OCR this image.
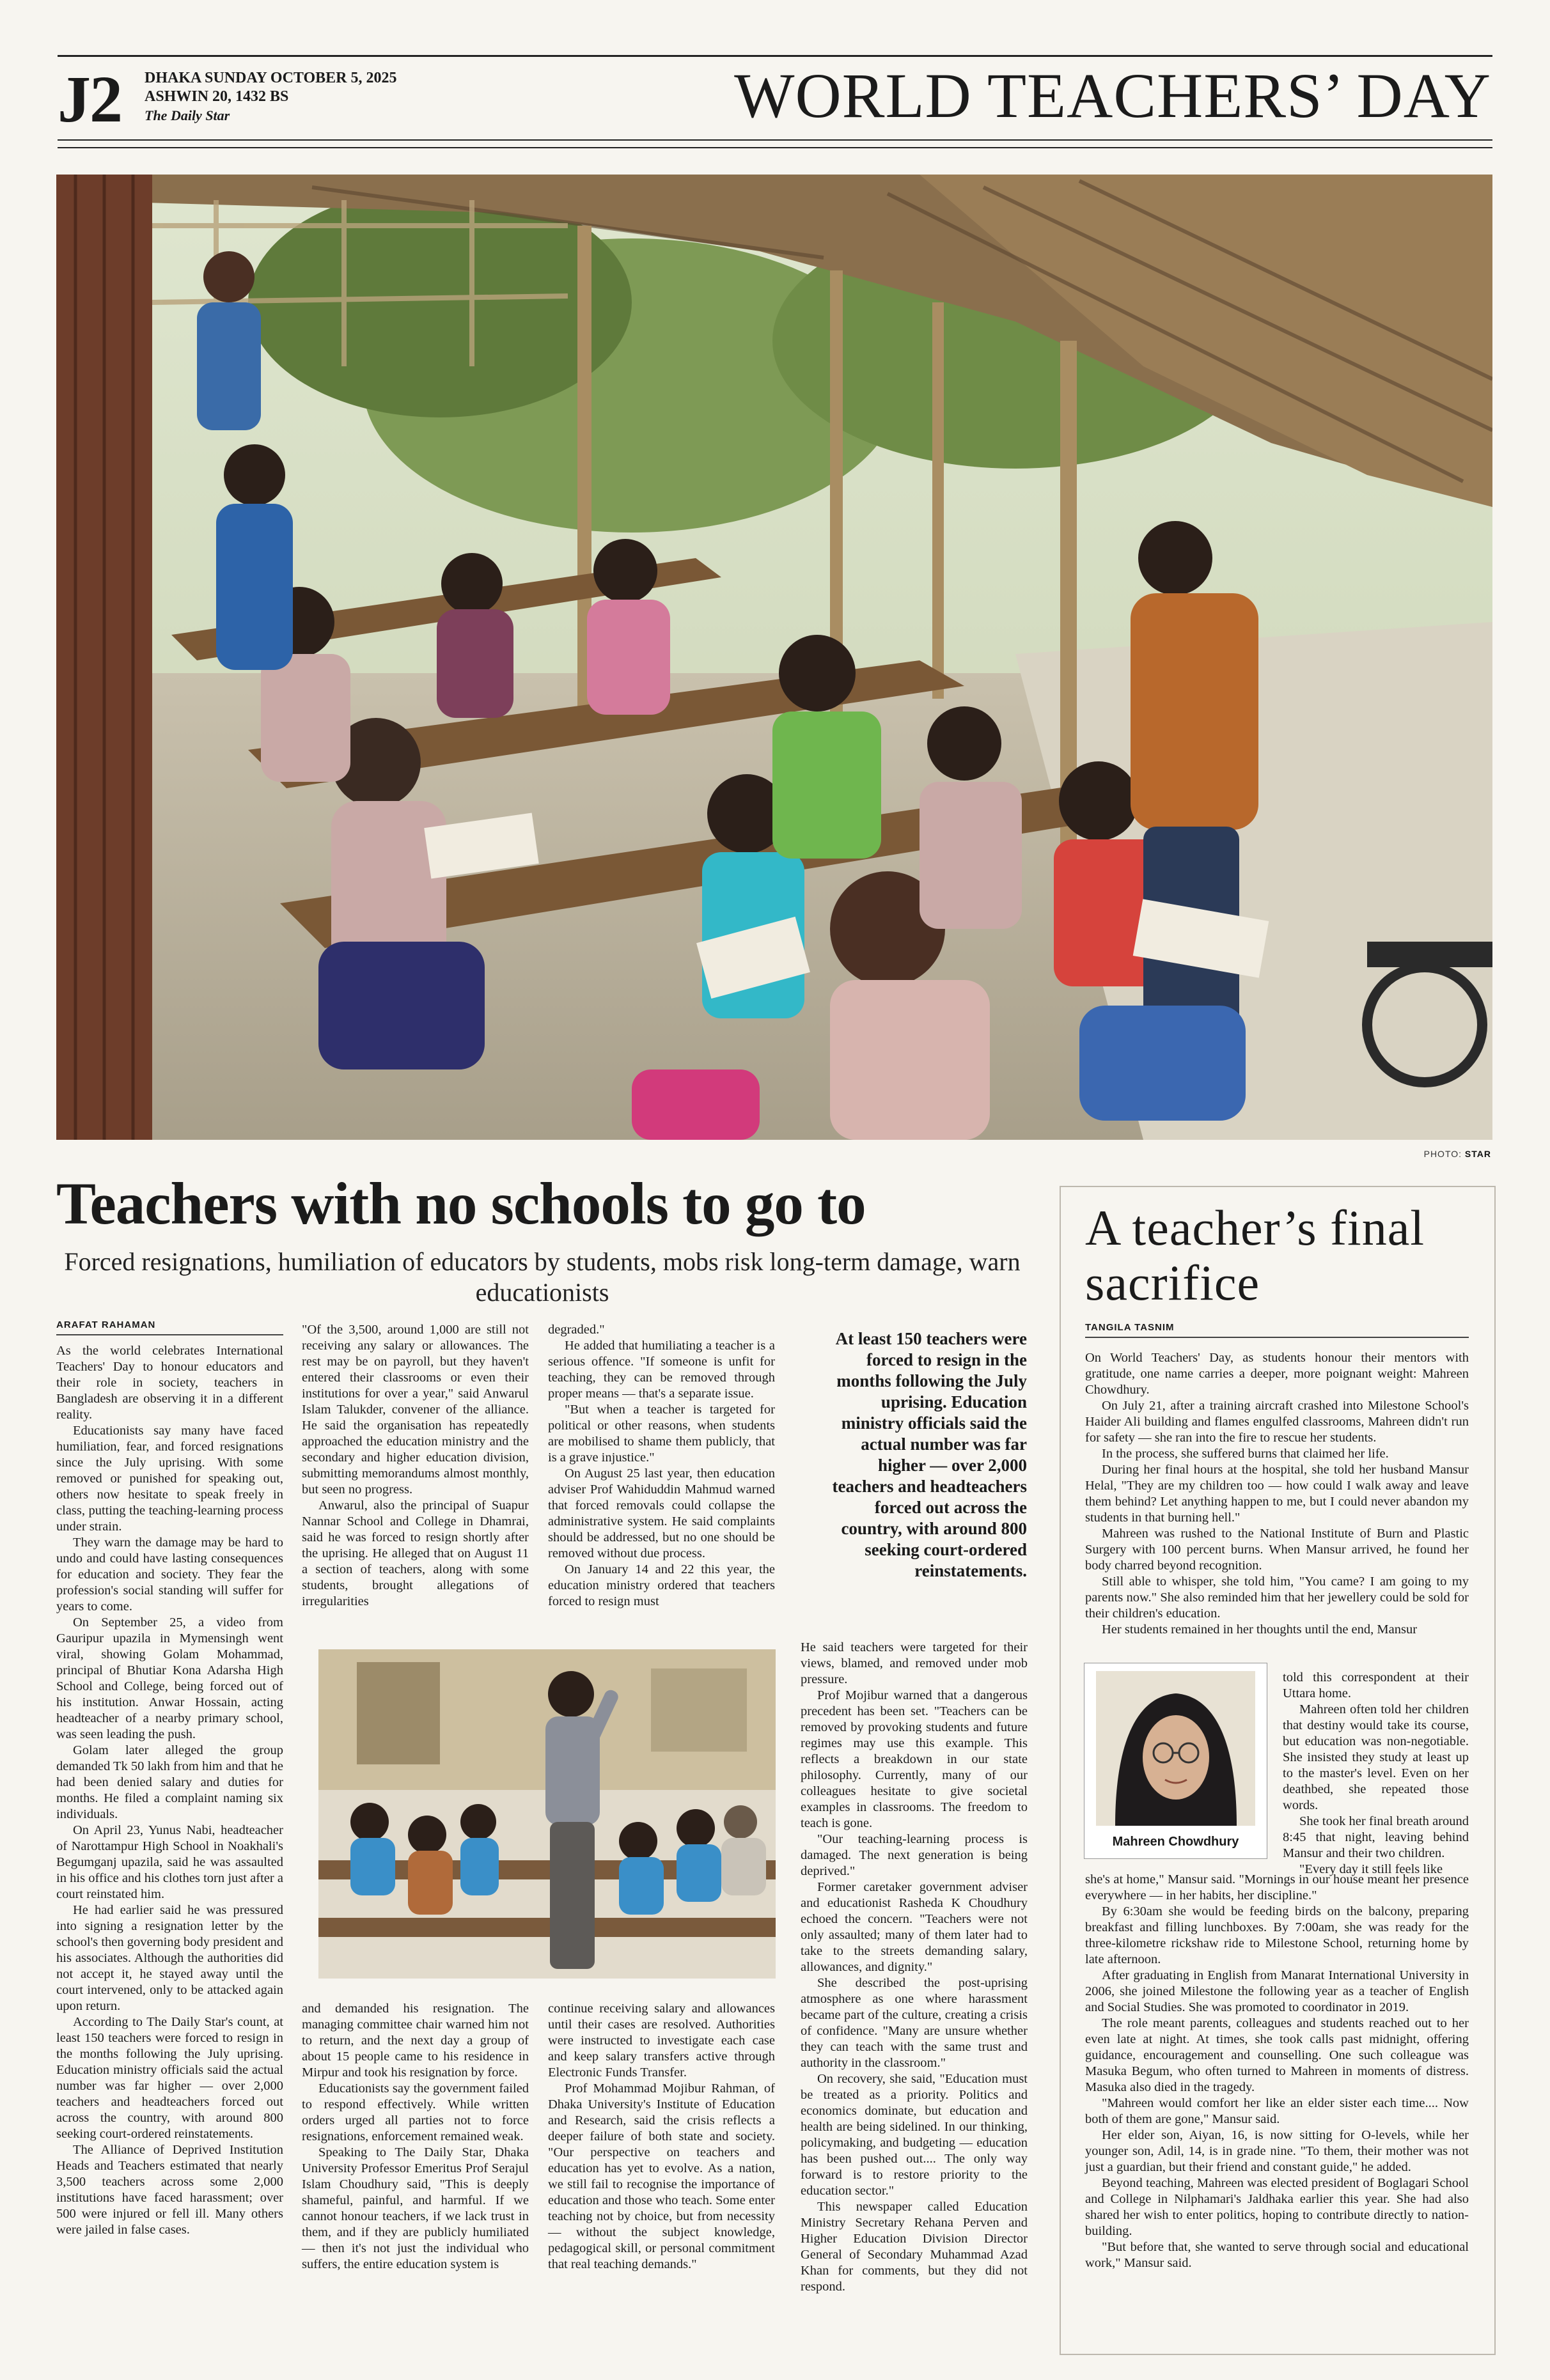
J2 DHAKA SUNDAY OCTOBER 5, 2025
ASHWIN 20, 1432 BS
The Daily Star	WORLD TEACHERS’ DAY
PHOTO: STAR
Teachers with no schools to go to
Forced resignations, humiliation of educators by students, mobs risk long-term damage, warn educationists
ARAFAT RAHAMAN

As the world celebrates International Teachers' Day to honour educators and their role in society, teachers in Bangladesh are observing it in a different reality.

Educationists say many have faced humiliation, fear, and forced resignations since the July uprising. With some removed or punished for speaking out, others now hesitate to speak freely in class, putting the teaching-learning process under strain.

They warn the damage may be hard to undo and could have lasting consequences for education and society. They fear the profession's social standing will suffer for years to come.

On September 25, a video from Gauripur upazila in Mymensingh went viral, showing Golam Mohammad, principal of Bhutiar Kona Adarsha High School and College, being forced out of his institution. Anwar Hossain, acting headteacher of a nearby primary school, was seen leading the push.

Golam later alleged the group demanded Tk 50 lakh from him and that he had been denied salary and duties for months. He filed a complaint naming six individuals.

On April 23, Yunus Nabi, headteacher of Narottampur High School in Noakhali's Begumganj upazila, said he was assaulted in his office and his clothes torn just after a court reinstated him.

He had earlier said he was pressured into signing a resignation letter by the school's then governing body president and his associates. Although the authorities did not accept it, he stayed away until the court intervened, only to be attacked again upon return.

According to The Daily Star's count, at least 150 teachers were forced to resign in the months following the July uprising. Education ministry officials said the actual number was far higher — over 2,000 teachers and headteachers forced out across the country, with around 800 seeking court-ordered reinstatements.

The Alliance of Deprived Institution Heads and Teachers estimated that nearly 3,500 teachers across some 2,000 institutions have faced harassment; over 500 were injured or fell ill. Many others were jailed in false cases.

"Of the 3,500, around 1,000 are still not receiving any salary or allowances. The rest may be on payroll, but they haven't entered their classrooms or even their institutions for over a year," said Anwarul Islam Talukder, convener of the alliance. He said the organisation has repeatedly approached the education ministry and the secondary and higher education division, submitting memorandums almost monthly, but seen no progress.

Anwarul, also the principal of Suapur Nannar School and College in Dhamrai, said he was forced to resign shortly after the uprising. He alleged that on August 11 a section of teachers, along with some students, brought allegations of irregularities

degraded."

He added that humiliating a teacher is a serious offence. "If someone is unfit for teaching, they can be removed through proper means — that's a separate issue.

"But when a teacher is targeted for political or other reasons, when students are mobilised to shame them publicly, that is a grave injustice."

On August 25 last year, then education adviser Prof Wahiduddin Mahmud warned that forced removals could collapse the administrative system. He said complaints should be addressed, but no one should be removed without due process.

On January 14 and 22 this year, the education ministry ordered that teachers forced to resign must

At least 150 teachers were forced to resign in the months following the July uprising. Education ministry officials said the actual number was far higher — over 2,000 teachers and headteachers forced out across the country, with around 800 seeking court-ordered reinstatements.

and demanded his resignation. The managing committee chair warned him not to return, and the next day a group of about 15 people came to his residence in Mirpur and took his resignation by force.

Educationists say the government failed to respond effectively. While written orders urged all parties not to force resignations, enforcement remained weak.

Speaking to The Daily Star, Dhaka University Professor Emeritus Prof Serajul Islam Choudhury said, "This is deeply shameful, painful, and harmful. If we cannot honour teachers, if we lack trust in them, and if they are publicly humiliated — then it's not just the individual who suffers, the entire education system is

continue receiving salary and allowances until their cases are resolved. Authorities were instructed to investigate each case and keep salary transfers active through Electronic Funds Transfer.

Prof Mohammad Mojibur Rahman, of Dhaka University's Institute of Education and Research, said the crisis reflects a deeper failure of both state and society. "Our perspective on teachers and education has yet to evolve. As a nation, we still fail to recognise the importance of education and those who teach. Some enter teaching not by choice, but from necessity — without the subject knowledge, pedagogical skill, or personal commitment that real teaching demands."

He said teachers were targeted for their views, blamed, and removed under mob pressure.

Prof Mojibur warned that a dangerous precedent has been set. "Teachers can be removed by provoking students and future regimes may use this example. This reflects a breakdown in our state philosophy. Currently, many of our colleagues hesitate to give societal examples in classrooms. The freedom to teach is gone.

"Our teaching-learning process is damaged. The next generation is being deprived."

Former caretaker government adviser and educationist Rasheda K Choudhury echoed the concern. "Teachers were not only assaulted; many of them later had to take to the streets demanding salary, allowances, and dignity."

She described the post-uprising atmosphere as one where harassment became part of the culture, creating a crisis of confidence. "Many are unsure whether they can teach with the same trust and authority in the classroom."

On recovery, she said, "Education must be treated as a priority. Politics and economics dominate, but education and health are being sidelined. In our thinking, policymaking, and budgeting — education has been pushed out.... The only way forward is to restore priority to the education sector."

This newspaper called Education Ministry Secretary Rehana Perven and Higher Education Division Director General of Secondary Muhammad Azad Khan for comments, but they did not respond.

A teacher’s final sacrifice
TANGILA TASNIM

On World Teachers' Day, as students honour their mentors with gratitude, one name carries a deeper, more poignant weight: Mahreen Chowdhury.

On July 21, after a training aircraft crashed into Milestone School's Haider Ali building and flames engulfed classrooms, Mahreen didn't run for safety — she ran into the fire to rescue her students.

In the process, she suffered burns that claimed her life.

During her final hours at the hospital, she told her husband Mansur Helal, "They are my children too — how could I walk away and leave them behind? Let anything happen to me, but I could never abandon my students in that burning hell."

Mahreen was rushed to the National Institute of Burn and Plastic Surgery with 100 percent burns. When Mansur arrived, he found her body charred beyond recognition.

Still able to whisper, she told him, "You came? I am going to my parents now." She also reminded him that her jewellery could be sold for their children's education.

Her students remained in her thoughts until the end, Mansur

Mahreen Chowdhury

told this correspondent at their Uttara home.

Mahreen often told her children that destiny would take its course, but education was non-negotiable. She insisted they study at least up to the master's level. Even on her deathbed, she repeated those words.

She took her final breath around 8:45 that night, leaving behind Mansur and their two children.

"Every day it still feels like

she's at home," Mansur said. "Mornings in our house meant her presence everywhere — in her habits, her discipline."

By 6:30am she would be feeding birds on the balcony, preparing breakfast and filling lunchboxes. By 7:00am, she was ready for the three-kilometre rickshaw ride to Milestone School, returning home by late afternoon.

After graduating in English from Manarat International University in 2006, she joined Milestone the following year as a teacher of English and Social Studies. She was promoted to coordinator in 2019.

The role meant parents, colleagues and students reached out to her even late at night. At times, she took calls past midnight, offering guidance, encouragement and counselling. One such colleague was Masuka Begum, who often turned to Mahreen in moments of distress. Masuka also died in the tragedy.

"Mahreen would comfort her like an elder sister each time.... Now both of them are gone," Mansur said.

Her elder son, Aiyan, 16, is now sitting for O-levels, while her younger son, Adil, 14, is in grade nine. "To them, their mother was not just a guardian, but their friend and constant guide," he added.

Beyond teaching, Mahreen was elected president of Boglagari School and College in Nilphamari's Jaldhaka earlier this year. She had also shared her wish to enter politics, hoping to contribute directly to nation-building.

"But before that, she wanted to serve through social and educational work," Mansur said.
